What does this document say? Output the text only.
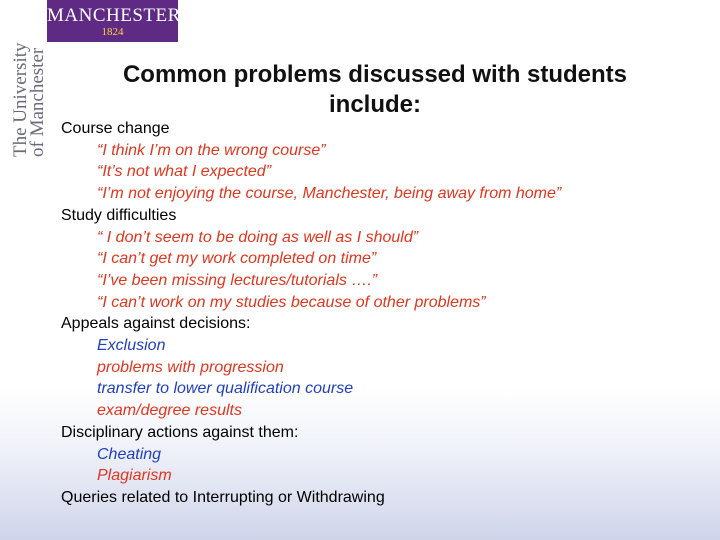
MANCHESTER
1824
The University
of Manchester	Common problems discussed with students
include:
Course change
“I think I’m on the wrong course”
“It’s not what I expected”
“I’m not enjoying the course, Manchester, being away from home”
Study difficulties
“ I don’t seem to be doing as well as I should”
“I can’t get my work completed on time”
“I’ve been missing lectures/tutorials ….”
“I can’t work on my studies because of other problems”
Appeals against decisions:
Exclusion
problems with progression
transfer to lower qualification course
exam/degree results
Disciplinary actions against them:
Cheating
Plagiarism
Queries related to Interrupting or Withdrawing
